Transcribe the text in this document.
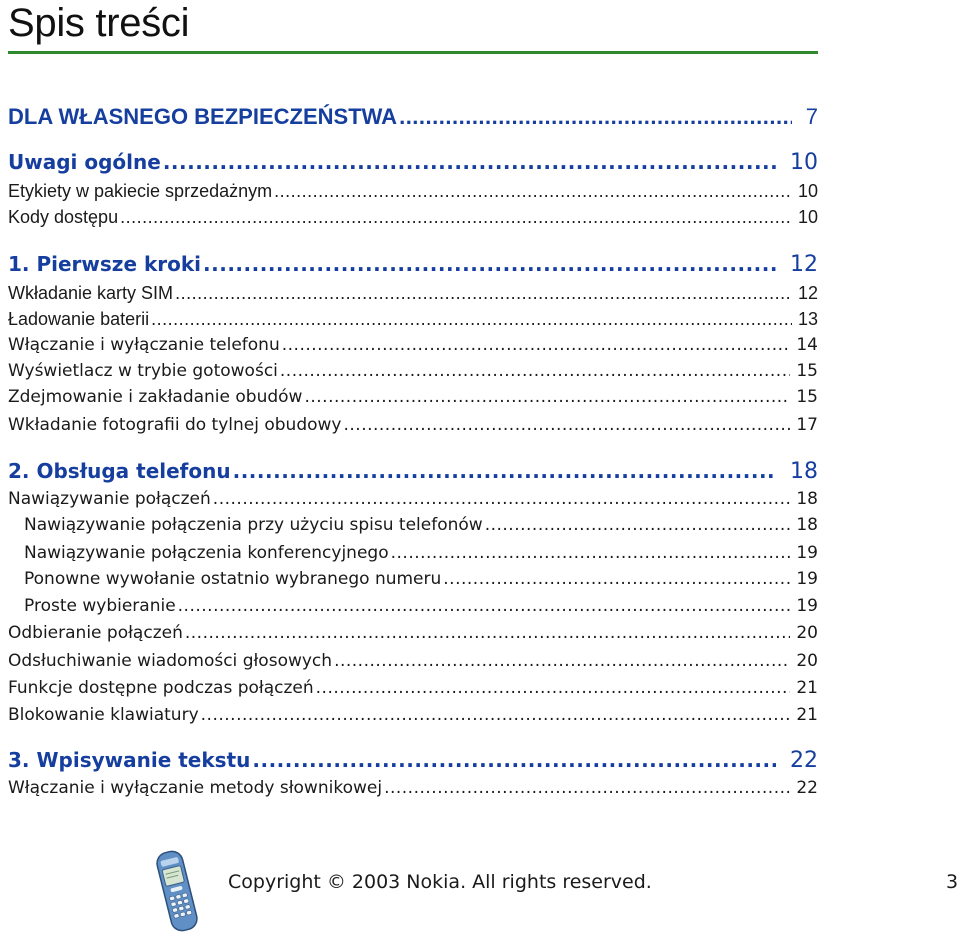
Spis treści
DLA WŁASNEGO BEZPIECZEŃSTWA .....	7
Uwagi ogólne .....	10
Etykiety w pakiecie sprzedażnym .....	10
Kody dostępu .....	10
1. Pierwsze kroki .....	12
Wkładanie karty SIM .....	12
Ładowanie baterii .....	13
Włączanie i wyłączanie telefonu .....	14
Wyświetlacz w trybie gotowości .....	15
Zdejmowanie i zakładanie obudów .....	15
Wkładanie fotografii do tylnej obudowy .....	17
2. Obsługa telefonu .....	18
Nawiązywanie połączeń .....	18
Nawiązywanie połączenia przy użyciu spisu telefonów .....	18
Nawiązywanie połączenia konferencyjnego .....	19
Ponowne wywołanie ostatnio wybranego numeru .....	19
Proste wybieranie .....	19
Odbieranie połączeń .....	20
Odsłuchiwanie wiadomości głosowych .....	20
Funkcje dostępne podczas połączeń .....	21
Blokowanie klawiatury .....	21
3. Wpisywanie tekstu .....	22
Włączanie i wyłączanie metody słownikowej .....	22
Copyright © 2003 Nokia. All rights reserved.	3
